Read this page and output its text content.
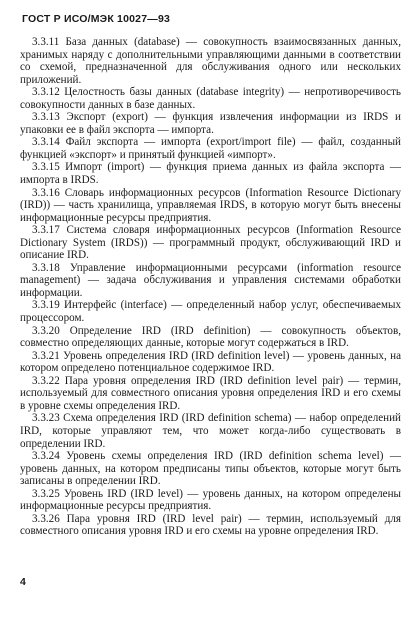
ГОСТ Р ИСО/МЭК 10027—93

3.3.11 База данных (database) — совокупность взаимосвязанных данных, хранимых наряду с дополнительными управляющими данными в соответствии со схемой, предназначенной для обслуживания одного или нескольких приложений.

3.3.12 Целостность базы данных (database integrity) — непротиворечивость совокупности данных в базе данных.

3.3.13 Экспорт (export) — функция извлечения информации из IRDS и упаковки ее в файл экспорта — импорта.

3.3.14 Файл экспорта — импорта (export/import file) — файл, созданный функцией «экспорт» и принятый функцией «импорт».

3.3.15 Импорт (import) — функция приема данных из файла экспорта — импорта в IRDS.

3.3.16 Словарь информационных ресурсов (Information Resource Dictionary (IRD)) — часть хранилища, управляемая IRDS, в которую могут быть внесены информационные ресурсы предприятия.

3.3.17 Система словаря информационных ресурсов (Information Resource Dictionary System (IRDS)) — программный продукт, обслуживающий IRD и описание IRD.

3.3.18 Управление информационными ресурсами (information resource management) — задача обслуживания и управления системами обработки информации.

3.3.19 Интерфейс (interface) — определенный набор услуг, обеспечиваемых процессором.

3.3.20 Определение IRD (IRD definition) — совокупность объектов, совместно определяющих данные, которые могут содержаться в IRD.

3.3.21 Уровень определения IRD (IRD definition level) — уровень данных, на котором определено потенциальное содержимое IRD.

3.3.22 Пара уровня определения IRD (IRD definition level pair) — термин, используемый для совместного описания уровня определения IRD и его схемы в уровне схемы определения IRD.

3.3.23 Схема определения IRD (IRD definition schema) — набор определений IRD, которые управляют тем, что может когда-либо существовать в определении IRD.

3.3.24 Уровень схемы определения IRD (IRD definition schema level) — уровень данных, на котором предписаны типы объектов, которые могут быть записаны в определении IRD.

3.3.25 Уровень IRD (IRD level) — уровень данных, на котором определены информационные ресурсы предприятия.

3.3.26 Пара уровня IRD (IRD level pair) — термин, используемый для совместного описания уровня IRD и его схемы на уровне определения IRD.

4
